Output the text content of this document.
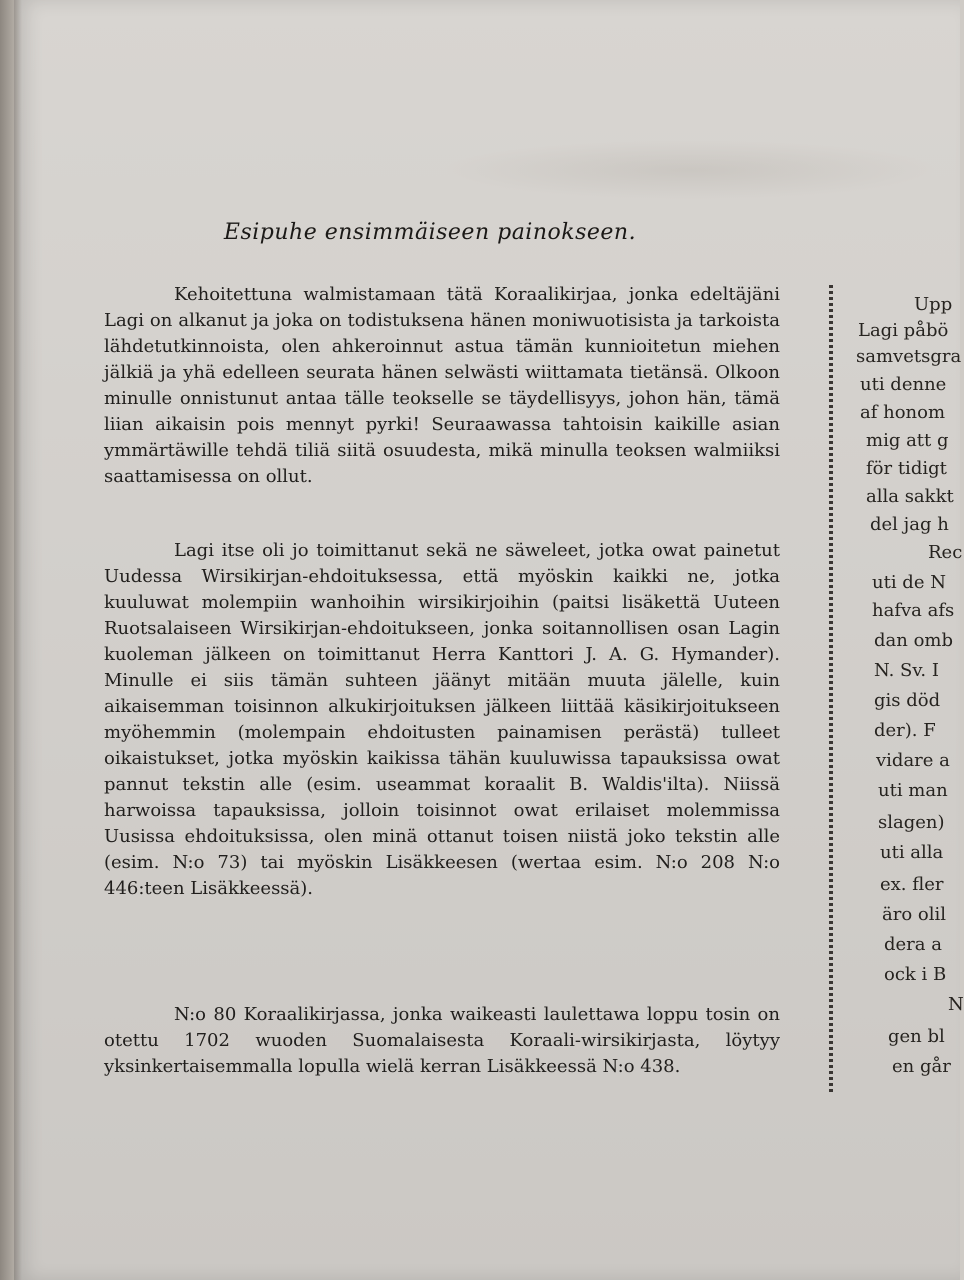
Esipuhe ensimmäiseen painokseen.

Kehoitettuna walmistamaan tätä Koraalikirjaa, jonka edeltäjäni Lagi on alkanut ja joka on todistuksena hänen moniwuotisista ja tarkoista lähdetutkinnoista, olen ahkeroinnut astua tämän kunnioitetun miehen jälkiä ja yhä edelleen seurata hänen selwästi wiittamata tietänsä. Olkoon minulle onnistunut antaa tälle teokselle se täydellisyys, johon hän, tämä liian aikaisin pois mennyt pyrki! Seuraawassa tahtoisin kaikille asian ymmärtäwille tehdä tiliä siitä osuudesta, mikä minulla teoksen walmiiksi saattamisessa on ollut.

Lagi itse oli jo toimittanut sekä ne säweleet, jotka owat painetut Uudessa Wirsikirjan-ehdoituksessa, että myöskin kaikki ne, jotka kuuluwat molempiin wanhoihin wirsikirjoihin (paitsi lisäkettä Uuteen Ruotsalaiseen Wirsikirjan-ehdoitukseen, jonka soitannollisen osan Lagin kuoleman jälkeen on toimittanut Herra Kanttori J. A. G. Hymander). Minulle ei siis tämän suhteen jäänyt mitään muuta jälelle, kuin aikaisemman toisinnon alkukirjoituksen jälkeen liittää käsikirjoitukseen myöhemmin (molempain ehdoitusten painamisen perästä) tulleet oikaistukset, jotka myöskin kaikissa tähän kuuluwissa tapauksissa owat pannut tekstin alle (esim. useammat koraalit B. Waldis'ilta). Niissä harwoissa tapauksissa, jolloin toisinnot owat erilaiset molemmissa Uusissa ehdoituksissa, olen minä ottanut toisen niistä joko tekstin alle (esim. N:o 73) tai myöskin Lisäkkeesen (wertaa esim. N:o 208 N:o 446:teen Lisäkkeessä).

N:o 80 Koraalikirjassa, jonka waikeasti laulettawa loppu tosin on otettu 1702 wuoden Suomalaisesta Koraali-wirsikirjasta, löytyy yksinkertaisemmalla lopulla wielä kerran Lisäkkeessä N:o 438.

Upp
Lagi påbö
samvetsgra
uti denne
af honom
mig att g
för tidigt
alla sakkt
del jag h
Rec
uti de N
hafva afs
dan omb
N. Sv. I
gis död
der). F
vidare a
uti man
slagen)
uti alla
ex. fler
äro olil
dera a
ock i B
N
gen bl
en går
